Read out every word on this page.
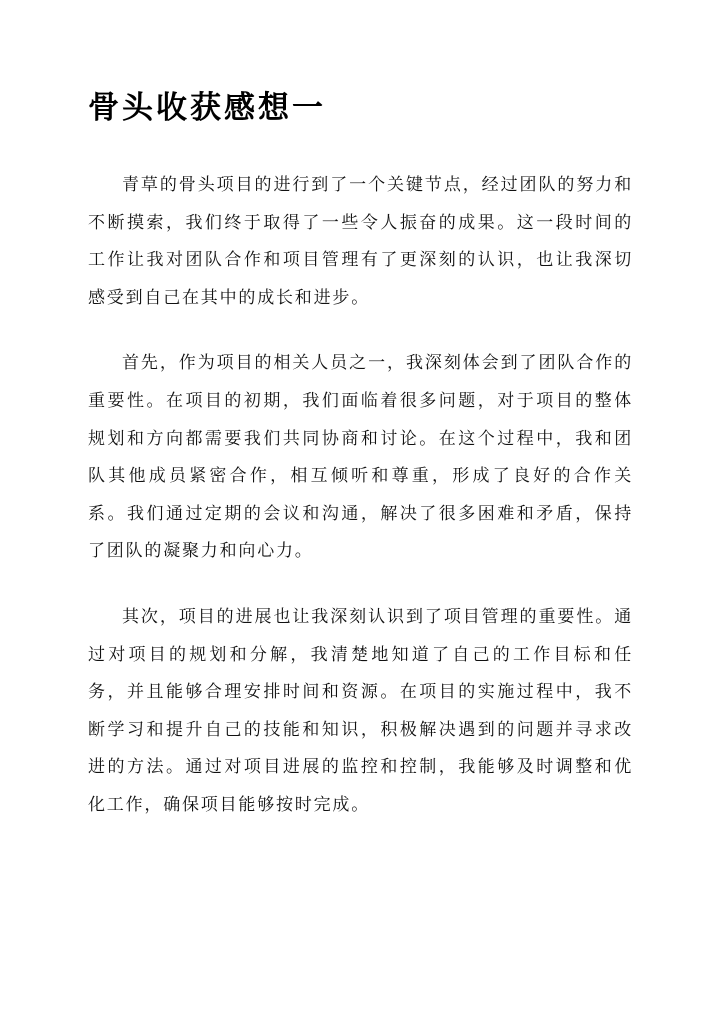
骨头收获感想一

青草的骨头项目的进行到了一个关键节点，经过团队的努力和不断摸索，我们终于取得了一些令人振奋的成果。这一段时间的工作让我对团队合作和项目管理有了更深刻的认识，也让我深切感受到自己在其中的成长和进步。

首先，作为项目的相关人员之一，我深刻体会到了团队合作的重要性。在项目的初期，我们面临着很多问题，对于项目的整体规划和方向都需要我们共同协商和讨论。在这个过程中，我和团队其他成员紧密合作，相互倾听和尊重，形成了良好的合作关系。我们通过定期的会议和沟通，解决了很多困难和矛盾，保持了团队的凝聚力和向心力。

其次，项目的进展也让我深刻认识到了项目管理的重要性。通过对项目的规划和分解，我清楚地知道了自己的工作目标和任务，并且能够合理安排时间和资源。在项目的实施过程中，我不断学习和提升自己的技能和知识，积极解决遇到的问题并寻求改进的方法。通过对项目进展的监控和控制，我能够及时调整和优化工作，确保项目能够按时完成。
